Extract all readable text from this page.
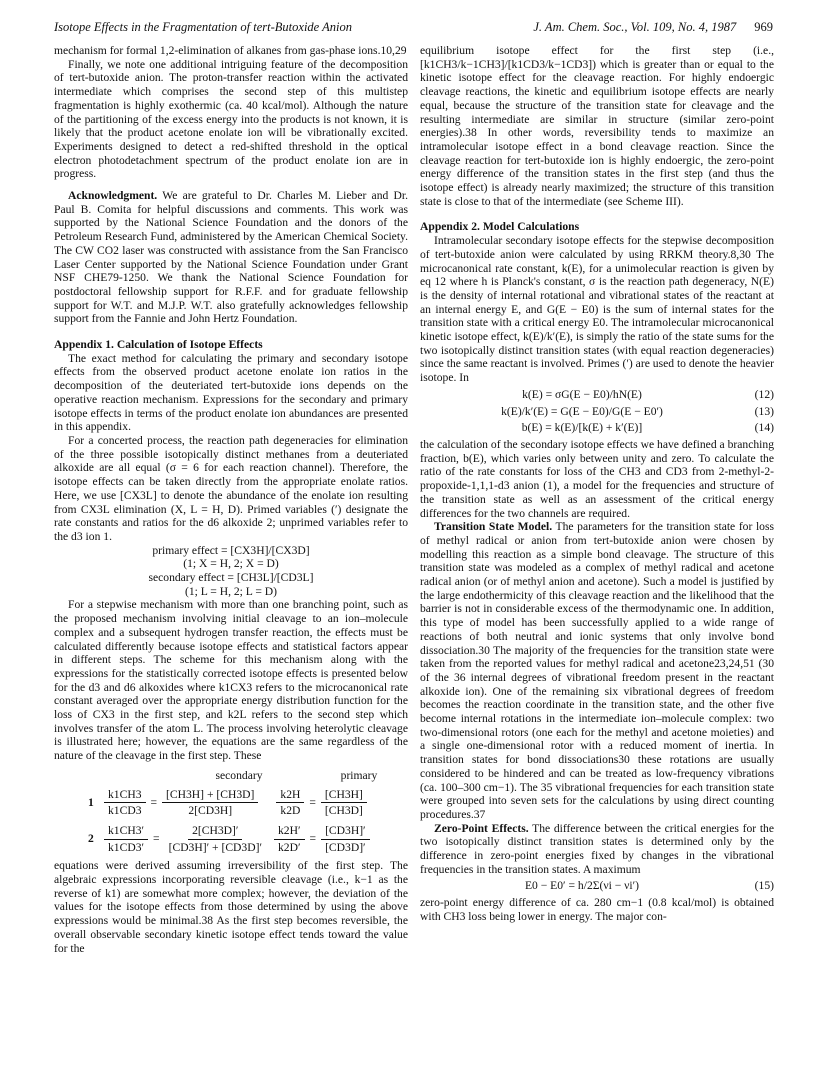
Isotope Effects in the Fragmentation of tert-Butoxide Anion	J. Am. Chem. Soc., Vol. 109, No. 4, 1987 969

mechanism for formal 1,2-elimination of alkanes from gas-phase ions.10,29

Finally, we note one additional intriguing feature of the decomposition of tert-butoxide anion. The proton-transfer reaction within the activated intermediate which comprises the second step of this multistep fragmentation is highly exothermic (ca. 40 kcal/mol). Although the nature of the partitioning of the excess energy into the products is not known, it is likely that the product acetone enolate ion will be vibrationally excited. Experiments designed to detect a red-shifted threshold in the optical electron photodetachment spectrum of the product enolate ion are in progress.

Acknowledgment. We are grateful to Dr. Charles M. Lieber and Dr. Paul B. Comita for helpful discussions and comments. This work was supported by the National Science Foundation and the donors of the Petroleum Research Fund, administered by the American Chemical Society. The CW CO2 laser was constructed with assistance from the San Francisco Laser Center supported by the National Science Foundation under Grant NSF CHE79-1250. We thank the National Science Foundation for postdoctoral fellowship support for R.F.F. and for graduate fellowship support for W.T. and M.J.P. W.T. also gratefully acknowledges fellowship support from the Fannie and John Hertz Foundation.

Appendix 1. Calculation of Isotope Effects

The exact method for calculating the primary and secondary isotope effects from the observed product acetone enolate ion ratios in the decomposition of the deuteriated tert-butoxide ions depends on the operative reaction mechanism. Expressions for the secondary and primary isotope effects in terms of the product enolate ion abundances are presented in this appendix.

For a concerted process, the reaction path degeneracies for elimination of the three possible isotopically distinct methanes from a deuteriated alkoxide are all equal (σ = 6 for each reaction channel). Therefore, the isotope effects can be taken directly from the appropriate enolate ratios. Here, we use [CX3L] to denote the abundance of the enolate ion resulting from CX3L elimination (X, L = H, D). Primed variables (′) designate the rate constants and ratios for the d6 alkoxide 2; unprimed variables refer to the d3 ion 1.

primary effect = [CX3H]/[CX3D]

(1; X = H, 2; X = D)

secondary effect = [CH3L]/[CD3L]

(1; L = H, 2; L = D)

For a stepwise mechanism with more than one branching point, such as the proposed mechanism involving initial cleavage to an ion–molecule complex and a subsequent hydrogen transfer reaction, the effects must be calculated differently because isotope effects and statistical factors appear in different steps. The scheme for this mechanism along with the expressions for the statistically corrected isotope effects is presented below for the d3 and d6 alkoxides where k1CX3 refers to the microcanonical rate constant averaged over the appropriate energy distribution function for the loss of CX3 in the first step, and k2L refers to the second step which involves transfer of the atom L. The process involving heterolytic cleavage is illustrated here; however, the equations are the same regardless of the nature of the cleavage in the first step. These

secondary	primary
$1 \frac{k1CH3}{k1CD3} = \frac{[CH3H] + [CH3D]}{2[CD3H]} \frac{k2H}{k2D} = \frac{[CH3H]}{[CH3D]}$
$2 \frac{k1CH3'}{k1CD3'} = \frac{2[CH3D]'}{[CD3H]' + [CD3D]'} \frac{k2H'}{k2D'} = \frac{[CD3H]'}{[CD3D]'}$

equations were derived assuming irreversibility of the first step. The algebraic expressions incorporating reversible cleavage (i.e., k−1 as the reverse of k1) are somewhat more complex; however, the deviation of the values for the isotope effects from those determined by using the above expressions would be minimal.38 As the first step becomes reversible, the overall observable secondary kinetic isotope effect tends toward the value for the

equilibrium isotope effect for the first step (i.e., [k1CH3/k−1CH3]/[k1CD3/k−1CD3]) which is greater than or equal to the kinetic isotope effect for the cleavage reaction. For highly endoergic cleavage reactions, the kinetic and equilibrium isotope effects are nearly equal, because the structure of the transition state for cleavage and the resulting intermediate are similar in structure (similar zero-point energies).38 In other words, reversibility tends to maximize an intramolecular isotope effect in a bond cleavage reaction. Since the cleavage reaction for tert-butoxide ion is highly endoergic, the zero-point energy difference of the transition states in the first step (and thus the isotope effect) is already nearly maximized; the structure of this transition state is close to that of the intermediate (see Scheme III).

Appendix 2. Model Calculations

Intramolecular secondary isotope effects for the stepwise decomposition of tert-butoxide anion were calculated by using RRKM theory.8,30 The microcanonical rate constant, k(E), for a unimolecular reaction is given by eq 12 where h is Planck's constant, σ is the reaction path degeneracy, N(E) is the density of internal rotational and vibrational states of the reactant at an internal energy E, and G(E − E0) is the sum of internal states for the transition state with a critical energy E0. The intramolecular microcanonical kinetic isotope effect, k(E)/k′(E), is simply the ratio of the state sums for the two isotopically distinct transition states (with equal reaction degeneracies) since the same reactant is involved. Primes (′) are used to denote the heavier isotope. In

k(E) = σG(E − E0)/hN(E)	(12)
k(E)/k′(E) = G(E − E0)/G(E − E0′)	(13)
b(E) = k(E)/[k(E) + k′(E)]	(14)

the calculation of the secondary isotope effects we have defined a branching fraction, b(E), which varies only between unity and zero. To calculate the ratio of the rate constants for loss of the CH3 and CD3 from 2-methyl-2-propoxide-1,1,1-d3 anion (1), a model for the frequencies and structure of the transition state as well as an assessment of the critical energy differences for the two channels are required.

Transition State Model. The parameters for the transition state for loss of methyl radical or anion from tert-butoxide anion were chosen by modelling this reaction as a simple bond cleavage. The structure of this transition state was modeled as a complex of methyl radical and acetone radical anion (or of methyl anion and acetone). Such a model is justified by the large endothermicity of this cleavage reaction and the likelihood that the barrier is not in considerable excess of the thermodynamic one. In addition, this type of model has been successfully applied to a wide range of reactions of both neutral and ionic systems that only involve bond dissociation.30 The majority of the frequencies for the transition state were taken from the reported values for methyl radical and acetone23,24,51 (30 of the 36 internal degrees of vibrational freedom present in the reactant alkoxide ion). One of the remaining six vibrational degrees of freedom becomes the reaction coordinate in the transition state, and the other five become internal rotations in the intermediate ion–molecule complex: two two-dimensional rotors (one each for the methyl and acetone moieties) and a single one-dimensional rotor with a reduced moment of inertia. In transition states for bond dissociations30 these rotations are usually considered to be hindered and can be treated as low-frequency vibrations (ca. 100–300 cm−1). The 35 vibrational frequencies for each transition state were grouped into seven sets for the calculations by using direct counting procedures.37

Zero-Point Effects. The difference between the critical energies for the two isotopically distinct transition states is determined only by the difference in zero-point energies fixed by changes in the vibrational frequencies in the transition states. A maximum

E0 − E0′ = h/2Σ(νi − νi′)	(15)

zero-point energy difference of ca. 280 cm−1 (0.8 kcal/mol) is obtained with CH3 loss being lower in energy. The major con-
